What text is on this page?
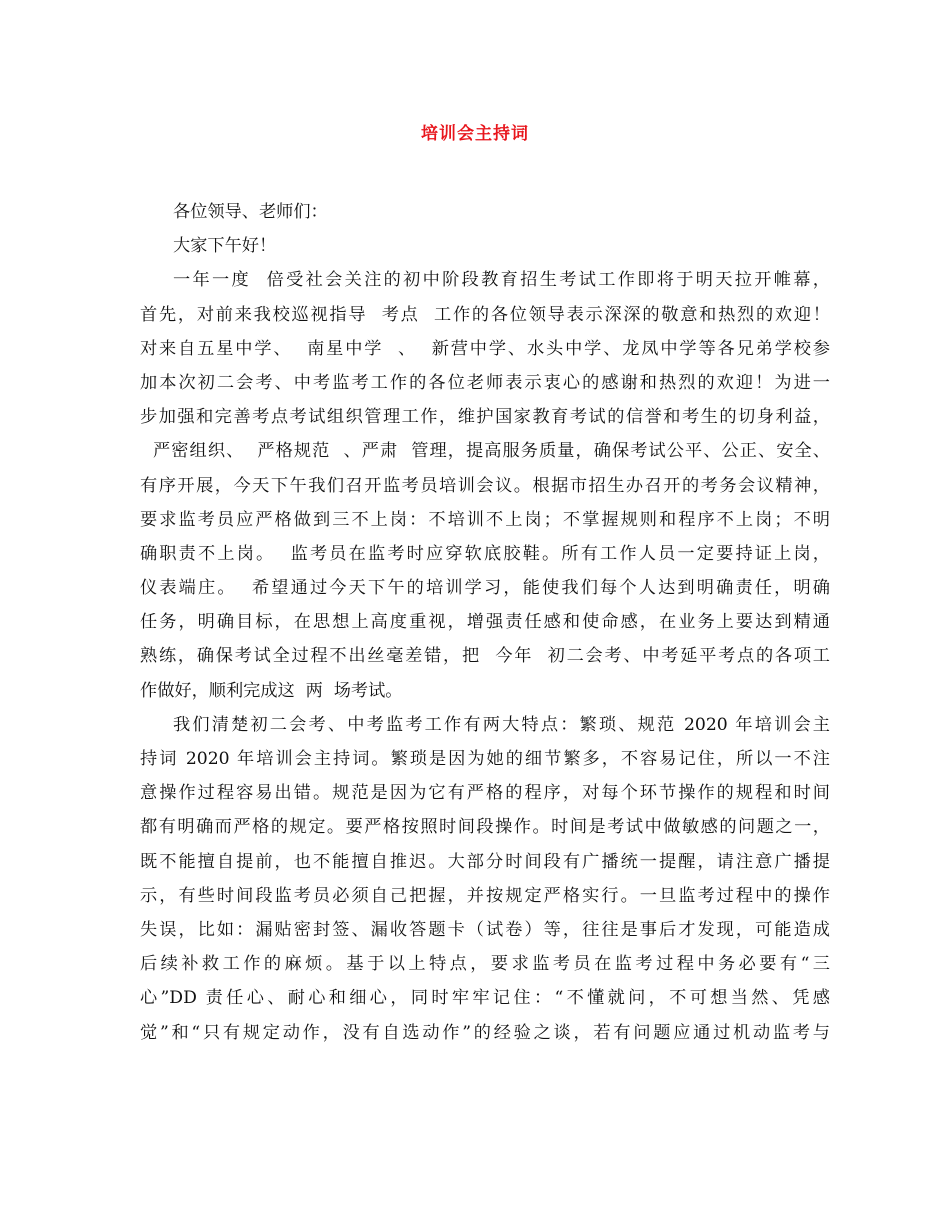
培训会主持词
各位领导、老师们：
大家下午好！
一年一度  倍受社会关注的初中阶段教育招生考试工作即将于明天拉开帷幕，
首先，对前来我校巡视指导  考点  工作的各位领导表示深深的敬意和热烈的欢迎！
对来自五星中学、  南星中学  、  新营中学、水头中学、龙凤中学等各兄弟学校参
加本次初二会考、中考监考工作的各位老师表示衷心的感谢和热烈的欢迎！为进一
步加强和完善考点考试组织管理工作，维护国家教育考试的信誉和考生的切身利益，
严密组织、  严格规范  、严肃  管理，提高服务质量，确保考试公平、公正、安全、
有序开展，今天下午我们召开监考员培训会议。根据市招生办召开的考务会议精神，
要求监考员应严格做到三不上岗：不培训不上岗；不掌握规则和程序不上岗；不明
确职责不上岗。  监考员在监考时应穿软底胶鞋。所有工作人员一定要持证上岗，
仪表端庄。  希望通过今天下午的培训学习，能使我们每个人达到明确责任，明确
任务，明确目标，在思想上高度重视，增强责任感和使命感，在业务上要达到精通
熟练，确保考试全过程不出丝毫差错，把  今年  初二会考、中考延平考点的各项工
作做好，顺利完成这  两  场考试。
我们清楚初二会考、中考监考工作有两大特点：繁琐、规范 2020 年培训会主
持词 2020 年培训会主持词。繁琐是因为她的细节繁多，不容易记住，所以一不注
意操作过程容易出错。规范是因为它有严格的程序，对每个环节操作的规程和时间
都有明确而严格的规定。要严格按照时间段操作。时间是考试中做敏感的问题之一，
既不能擅自提前，也不能擅自推迟。大部分时间段有广播统一提醒，请注意广播提
示，有些时间段监考员必须自己把握，并按规定严格实行。一旦监考过程中的操作
失误，比如：漏贴密封签、漏收答题卡（试卷）等，往往是事后才发现，可能造成
后续补救工作的麻烦。基于以上特点，要求监考员在监考过程中务必要有“三
心”DD 责任心、耐心和细心，同时牢牢记住：“不懂就问，不可想当然、凭感
觉”和“只有规定动作，没有自选动作”的经验之谈，若有问题应通过机动监考与
